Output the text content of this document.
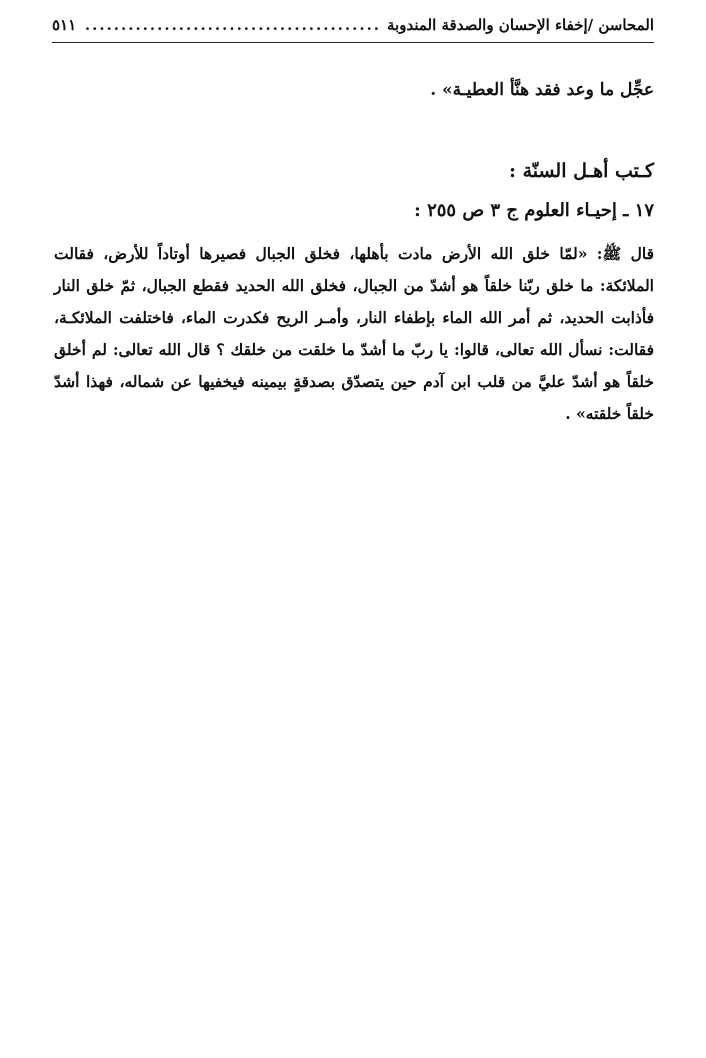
المحاسن /إخفاء الإحسان والصدقة المندوبة
.....
٥١١
عجِّل ما وعد فقد هنَّأ العطيـة» .
كـتب أهـل السنّة :
١٧ ـ إحيـاء العلوم ج ٣ ص ٢٥٥ :

قال ﷺ: «لمّا خلق الله الأرض مادت بأهلها، فخلق الجبال فصيرها أوتاداً للأرض، فقالت الملائكة: ما خلق ربّنا خلقاً هو أشدّ من الجبال، فخلق الله الحديد فقطع الجبال، ثمّ خلق النار فأذابت الحديد، ثم أمر الله الماء بإطفاء النار، وأمـر الريح فكدرت الماء، فاختلفت الملائكـة، فقالت: نسأل الله تعالى، قالوا: يا ربّ ما أشدّ ما خلقت من خلقك ؟ قال الله تعالى: لم أخلق خلقاً هو أشدّ عليَّ من قلب ابن آدم حين يتصدّق بصدقةٍ بيمينه فيخفيها عن شماله، فهذا أشدّ خلقاً خلقته» .
